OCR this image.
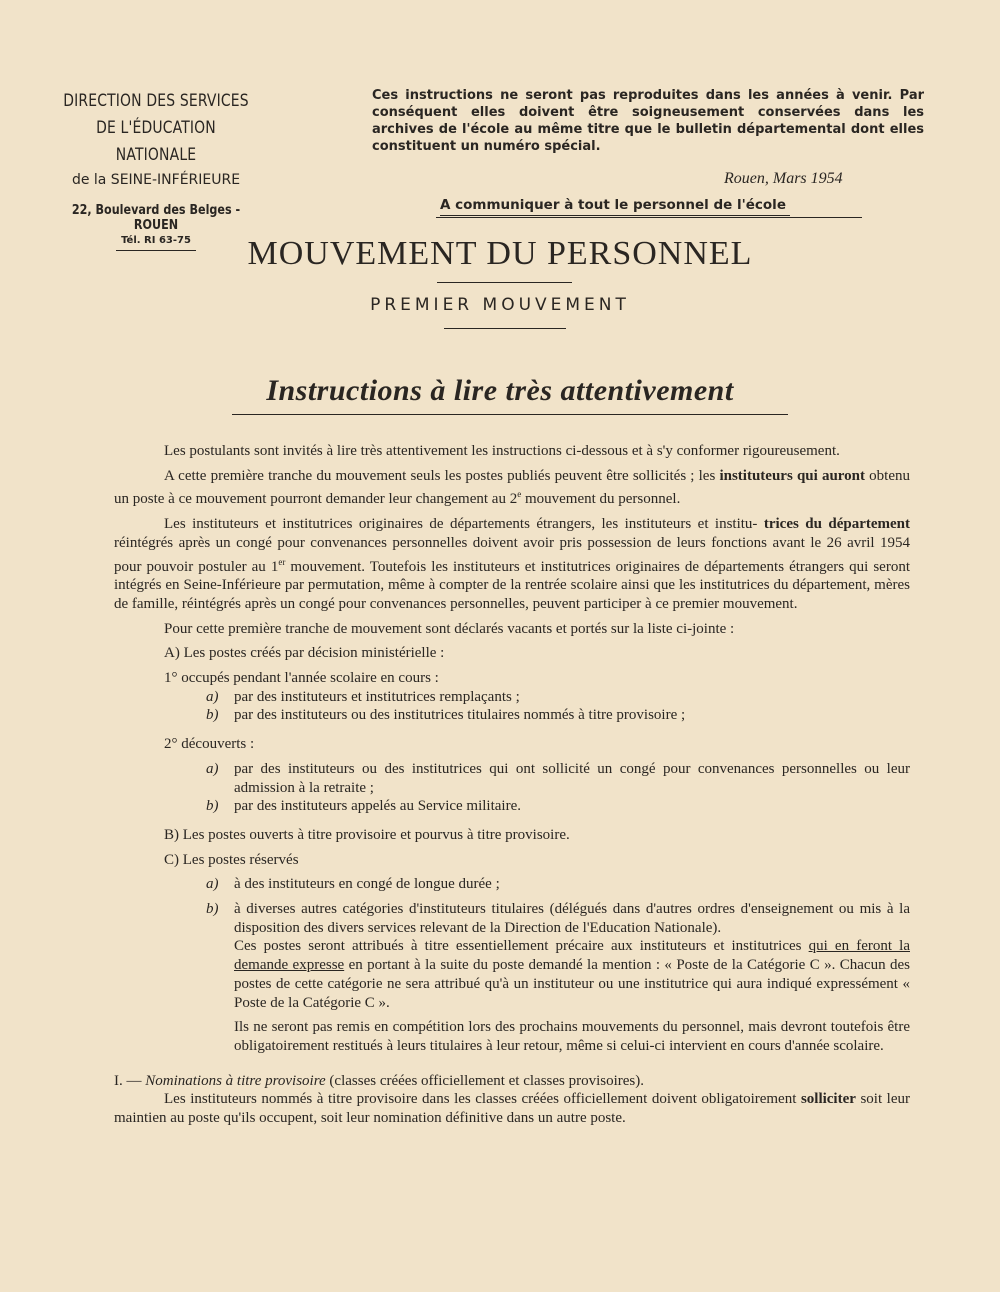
DIRECTION DES SERVICES
DE L'ÉDUCATION NATIONALE
de la SEINE-INFÉRIEURE
22, Boulevard des Belges - ROUEN
Tél. RI 63-75
Ces instructions ne seront pas reproduites dans les années à venir. Par conséquent elles doivent être soigneusement conservées dans les archives de l'école au même titre que le bulletin départemental dont elles constituent un numéro spécial.
Rouen, Mars 1954
A communiquer à tout le personnel de l'école
MOUVEMENT DU PERSONNEL
PREMIER MOUVEMENT
Instructions à lire très attentivement

Les postulants sont invités à lire très attentivement les instructions ci-dessous et à s'y conformer rigoureusement.

A cette première tranche du mouvement seuls les postes publiés peuvent être sollicités ; les instituteurs qui auront obtenu un poste à ce mouvement pourront demander leur changement au 2e mouvement du personnel.

Les instituteurs et institutrices originaires de départements étrangers, les instituteurs et institu- trices du département réintégrés après un congé pour convenances personnelles doivent avoir pris possession de leurs fonctions avant le 26 avril 1954 pour pouvoir postuler au 1er mouvement. Toutefois les instituteurs et institutrices originaires de départements étrangers qui seront intégrés en Seine-Inférieure par permutation, même à compter de la rentrée scolaire ainsi que les institutrices du département, mères de famille, réintégrés après un congé pour convenances personnelles, peuvent participer à ce premier mouvement.

Pour cette première tranche de mouvement sont déclarés vacants et portés sur la liste ci-jointe :

A) Les postes créés par décision ministérielle :

1° occupés pendant l'année scolaire en cours :

a) par des instituteurs et institutrices remplaçants ;

b) par des instituteurs ou des institutrices titulaires nommés à titre provisoire ;

2° découverts :

a) par des instituteurs ou des institutrices qui ont sollicité un congé pour convenances personnelles ou leur admission à la retraite ;

b) par des instituteurs appelés au Service militaire.

B) Les postes ouverts à titre provisoire et pourvus à titre provisoire.

C) Les postes réservés

a) à des instituteurs en congé de longue durée ;

b) à diverses autres catégories d'instituteurs titulaires (délégués dans d'autres ordres d'enseignement ou mis à la disposition des divers services relevant de la Direction de l'Education Nationale).

Ces postes seront attribués à titre essentiellement précaire aux instituteurs et institutrices qui en feront la demande expresse en portant à la suite du poste demandé la mention : « Poste de la Catégorie C ». Chacun des postes de cette catégorie ne sera attribué qu'à un instituteur ou une institutrice qui aura indiqué expressément « Poste de la Catégorie C ».

Ils ne seront pas remis en compétition lors des prochains mouvements du personnel, mais devront toutefois être obligatoirement restitués à leurs titulaires à leur retour, même si celui-ci intervient en cours d'année scolaire.

I. — Nominations à titre provisoire (classes créées officiellement et classes provisoires).

Les instituteurs nommés à titre provisoire dans les classes créées officiellement doivent obligatoirement solliciter soit leur maintien au poste qu'ils occupent, soit leur nomination définitive dans un autre poste.
